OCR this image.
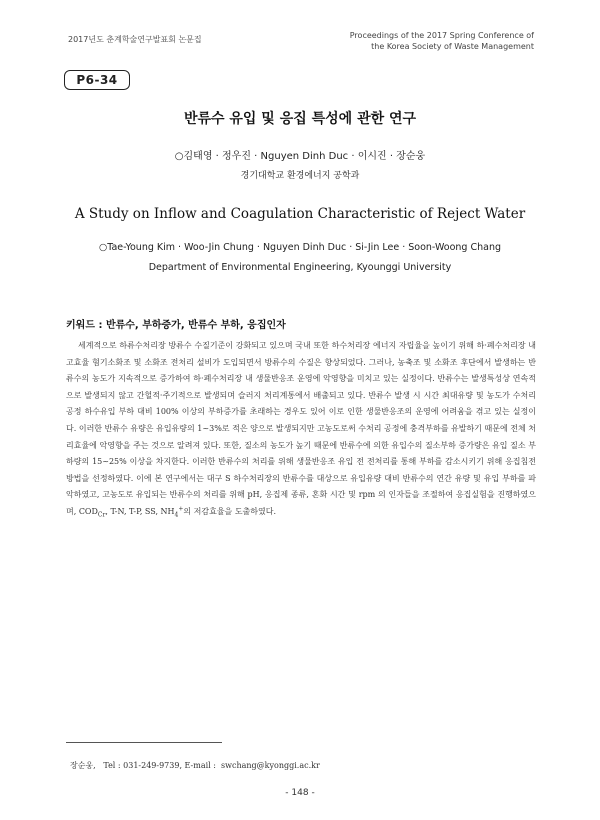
2017년도 춘계학술연구발표회 논문집	Proceedings of the 2017 Spring Conference of
the Korea Society of Waste Management
P6-34
반류수 유입 및 응집 특성에 관한 연구
○김태영 · 정우진 · Nguyen Dinh Duc · 이시진 · 장순웅
경기대학교 환경에너지 공학과
A Study on Inflow and Coagulation Characteristic of Reject Water
○Tae-Young Kim · Woo-Jin Chung · Nguyen Dinh Duc · Si-Jin Lee · Soon-Woong Chang
Department of Environmental Engineering, Kyounggi University
키워드 : 반류수, 부하증가, 반류수 부하, 응집인자
세계적으로 하류수처리장 방류수 수질기준이 강화되고 있으며 국내 또한 하수처리장 에너지 자립율을 높이기 위해 하·폐수처리장 내 고효율 혐기소화조 및 소화조 전처리 설비가 도입되면서 방류수의 수질은 향상되었다. 그러나, 농축조 및 소화조 후단에서 발생하는 반류수의 농도가 지속적으로 증가하여 하·폐수처리장 내 생물반응조 운영에 악영향을 미치고 있는 실정이다. 반류수는 발생특성상 연속적으로 발생되지 않고 간헐적·주기적으로 발생되며 슬러지 처리계통에서 배출되고 있다. 반류수 발생 시 시간 최대유량 및 농도가 수처리공정 하수유입 부하 대비 100% 이상의 부하증가를 초래하는 경우도 있어 이로 인한 생물반응조의 운영에 어려움을 겪고 있는 실정이다. 이러한 반류수 유량은 유입유량의 1~3%로 적은 양으로 발생되지만 고농도로써 수처리 공정에 충격부하를 유발하기 때문에 전체 처리효율에 악영향을 주는 것으로 알려져 있다. 또한, 질소의 농도가 높기 때문에 반류수에 의한 유입수의 질소부하 증가량은 유입 질소 부하량의 15~25% 이상을 차지한다. 이러한 반류수의 처리를 위해 생물반응조 유입 전 전처리를 통해 부하를 감소시키기 위해 응집침전 방법을 선정하였다. 이에 본 연구에서는 대구 S 하수처리장의 반류수를 대상으로 유입유량 대비 반류수의 연간 유량 및 유입 부하를 파악하였고, 고농도로 유입되는 반류수의 처리를 위해 pH, 응집제 종류, 혼화 시간 및 rpm 의 인자들을 조절하여 응집실험을 진행하였으며, $COD_{Cr}$, T-N, T-P, SS, $NH_4^+$의 저감효율을 도출하였다.
장순웅,   Tel : 031-249-9739, E-mail :  swchang@kyonggi.ac.kr
- 148 -
